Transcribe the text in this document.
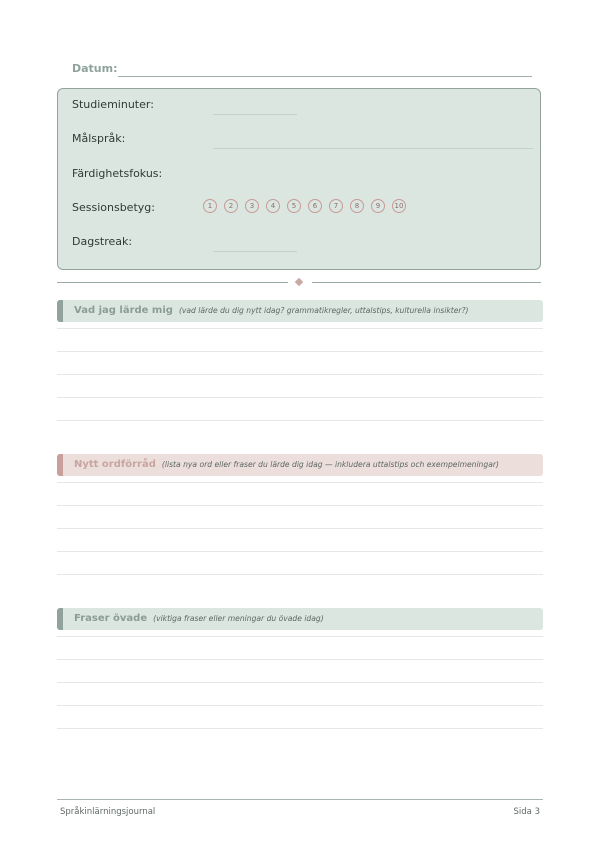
Datum:
Studieminuter:
Målspråk:
Färdighetsfokus:
Sessionsbetyg:	1	2	3	4	5	6	7	8	9	10
Dagstreak:
Vad jag lärde mig (vad lärde du dig nytt idag? grammatikregler, uttalstips, kulturella insikter?)
Nytt ordförråd (lista nya ord eller fraser du lärde dig idag — inkludera uttalstips och exempelmeningar)
Fraser övade (viktiga fraser eller meningar du övade idag)
Språkinlärningsjournal	Sida 3
